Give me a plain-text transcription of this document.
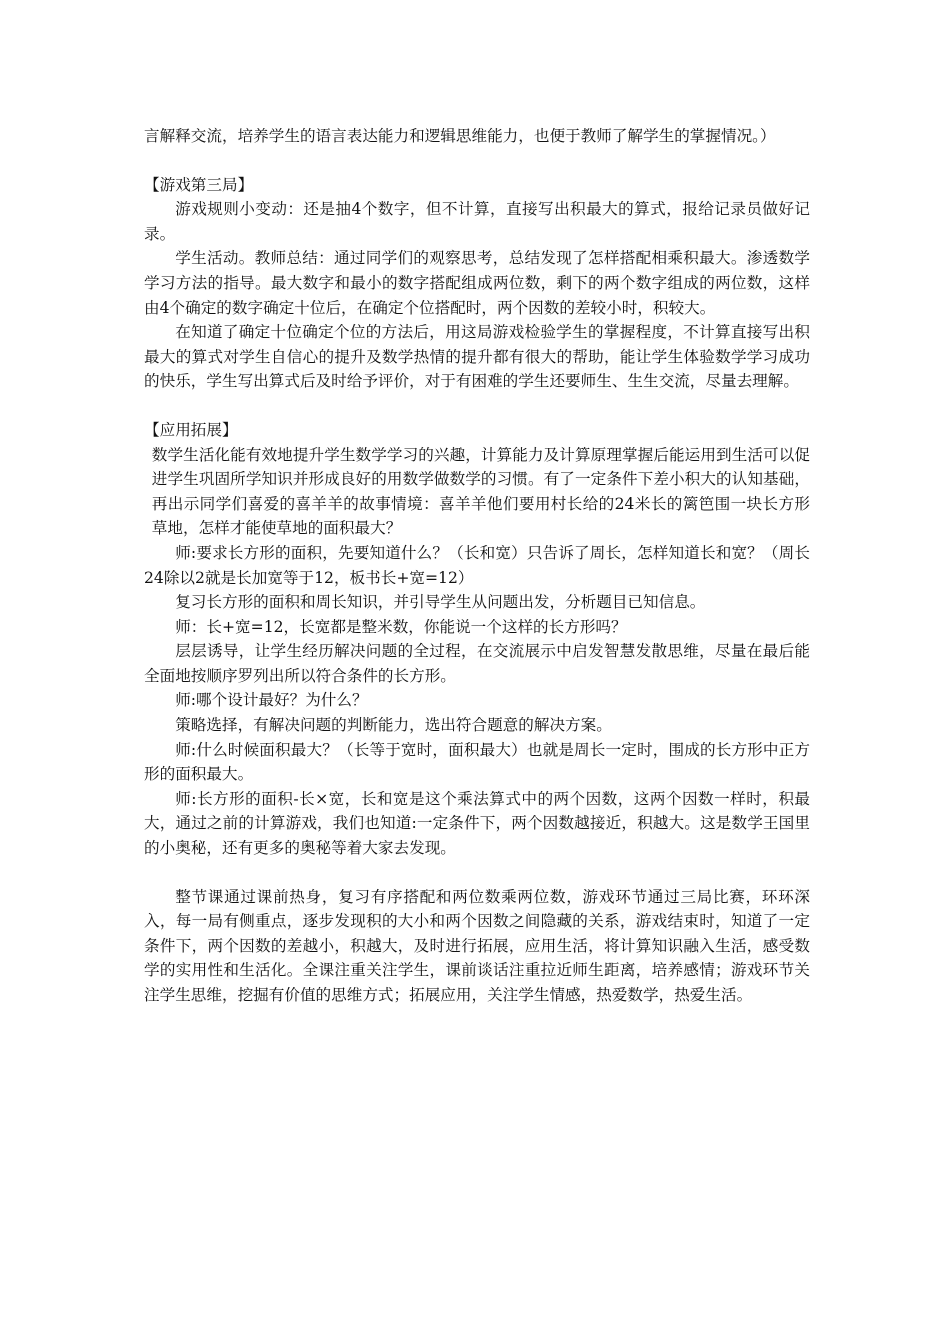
言解释交流，培养学生的语言表达能力和逻辑思维能力，也便于教师了解学生的掌握情况。）

【游戏第三局】

游戏规则小变动：还是抽4个数字，但不计算，直接写出积最大的算式，报给记录员做好记录。

学生活动。教师总结：通过同学们的观察思考，总结发现了怎样搭配相乘积最大。渗透数学学习方法的指导。最大数字和最小的数字搭配组成两位数，剩下的两个数字组成的两位数，这样由4个确定的数字确定十位后，在确定个位搭配时，两个因数的差较小时，积较大。

在知道了确定十位确定个位的方法后，用这局游戏检验学生的掌握程度，不计算直接写出积最大的算式对学生自信心的提升及数学热情的提升都有很大的帮助，能让学生体验数学学习成功的快乐，学生写出算式后及时给予评价，对于有困难的学生还要师生、生生交流，尽量去理解。

【应用拓展】

数学生活化能有效地提升学生数学学习的兴趣，计算能力及计算原理掌握后能运用到生活可以促进学生巩固所学知识并形成良好的用数学做数学的习惯。有了一定条件下差小积大的认知基础，再出示同学们喜爱的喜羊羊的故事情境：喜羊羊他们要用村长给的24米长的篱笆围一块长方形草地，怎样才能使草地的面积最大？

师:要求长方形的面积，先要知道什么？（长和宽）只告诉了周长，怎样知道长和宽？（周长24除以2就是长加宽等于12，板书长+宽=12）

复习长方形的面积和周长知识，并引导学生从问题出发，分析题目已知信息。

师：长+宽=12，长宽都是整米数，你能说一个这样的长方形吗？

层层诱导，让学生经历解决问题的全过程，在交流展示中启发智慧发散思维，尽量在最后能全面地按顺序罗列出所以符合条件的长方形。

师:哪个设计最好？为什么？

策略选择，有解决问题的判断能力，选出符合题意的解决方案。

师:什么时候面积最大？（长等于宽时，面积最大）也就是周长一定时，围成的长方形中正方形的面积最大。

师:长方形的面积-长×宽，长和宽是这个乘法算式中的两个因数，这两个因数一样时，积最大，通过之前的计算游戏，我们也知道:一定条件下，两个因数越接近，积越大。这是数学王国里的小奥秘，还有更多的奥秘等着大家去发现。

整节课通过课前热身，复习有序搭配和两位数乘两位数，游戏环节通过三局比赛，环环深入，每一局有侧重点，逐步发现积的大小和两个因数之间隐藏的关系，游戏结束时，知道了一定条件下，两个因数的差越小，积越大，及时进行拓展，应用生活，将计算知识融入生活，感受数学的实用性和生活化。全课注重关注学生，课前谈话注重拉近师生距离，培养感情；游戏环节关注学生思维，挖掘有价值的思维方式；拓展应用，关注学生情感，热爱数学，热爱生活。
